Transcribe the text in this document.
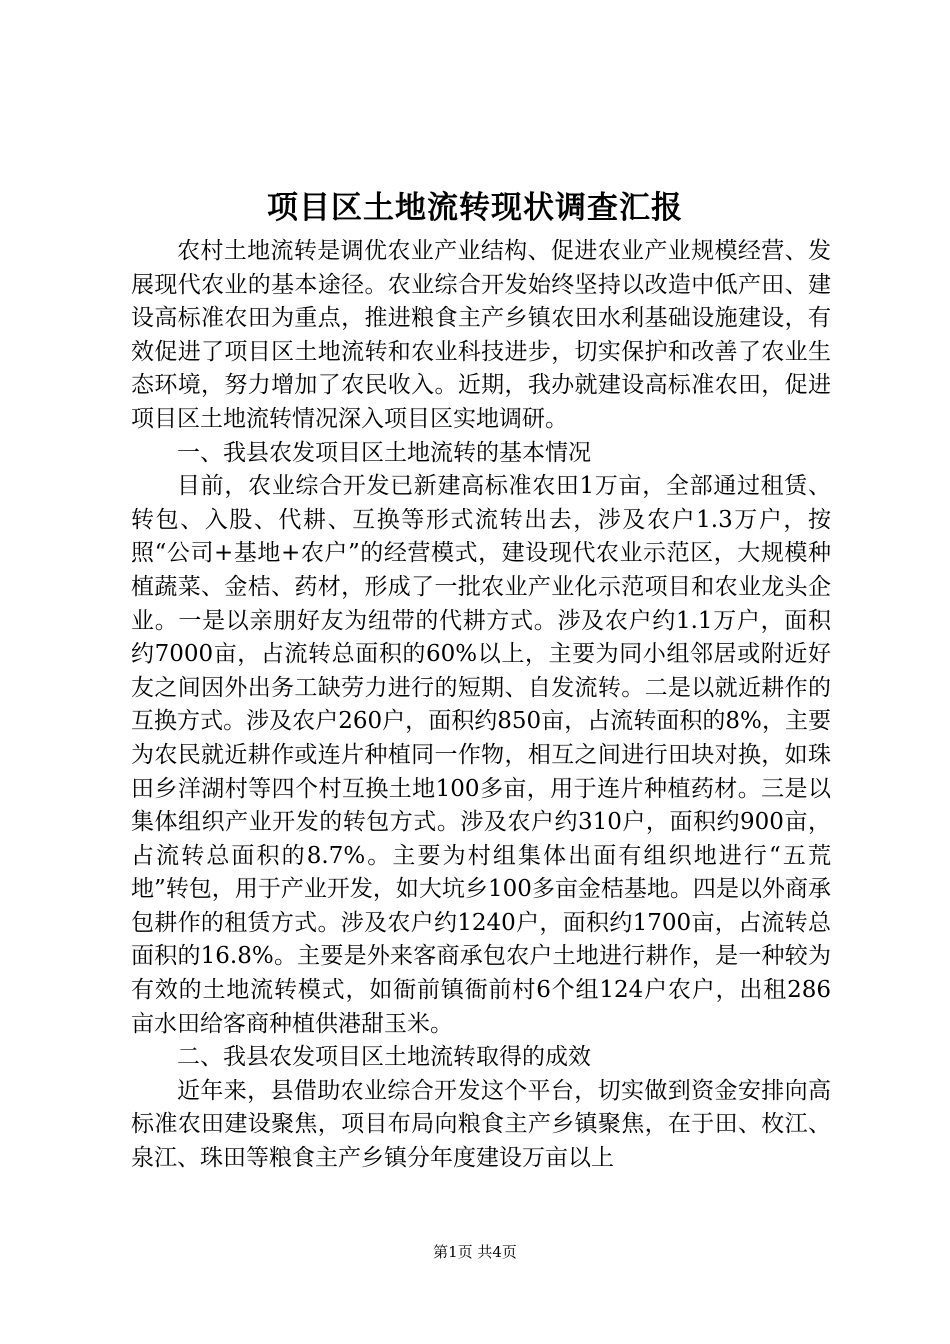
项目区土地流转现状调查汇报

农村土地流转是调优农业产业结构、促进农业产业规模经营、发展现代农业的基本途径。农业综合开发始终坚持以改造中低产田、建设高标准农田为重点，推进粮食主产乡镇农田水利基础设施建设，有效促进了项目区土地流转和农业科技进步，切实保护和改善了农业生态环境，努力增加了农民收入。近期，我办就建设高标准农田，促进项目区土地流转情况深入项目区实地调研。

一、我县农发项目区土地流转的基本情况

目前，农业综合开发已新建高标准农田1万亩，全部通过租赁、转包、入股、代耕、互换等形式流转出去，涉及农户1.3万户，按照“公司+基地+农户”的经营模式，建设现代农业示范区，大规模种植蔬菜、金桔、药材，形成了一批农业产业化示范项目和农业龙头企业。一是以亲朋好友为纽带的代耕方式。涉及农户约1.1万户，面积约7000亩，占流转总面积的60%以上，主要为同小组邻居或附近好友之间因外出务工缺劳力进行的短期、自发流转。二是以就近耕作的互换方式。涉及农户260户，面积约850亩，占流转面积的8%，主要为农民就近耕作或连片种植同一作物，相互之间进行田块对换，如珠田乡洋湖村等四个村互换土地100多亩，用于连片种植药材。三是以集体组织产业开发的转包方式。涉及农户约310户，面积约900亩，占流转总面积的8.7%。主要为村组集体出面有组织地进行“五荒地”转包，用于产业开发，如大坑乡100多亩金桔基地。四是以外商承包耕作的租赁方式。涉及农户约1240户，面积约1700亩，占流转总面积的16.8%。主要是外来客商承包农户土地进行耕作，是一种较为有效的土地流转模式，如衙前镇衙前村6个组124户农户，出租286亩水田给客商种植供港甜玉米。

二、我县农发项目区土地流转取得的成效

近年来，县借助农业综合开发这个平台，切实做到资金安排向高标准农田建设聚焦，项目布局向粮食主产乡镇聚焦，在于田、枚江、泉江、珠田等粮食主产乡镇分年度建设万亩以上

第1页 共4页
